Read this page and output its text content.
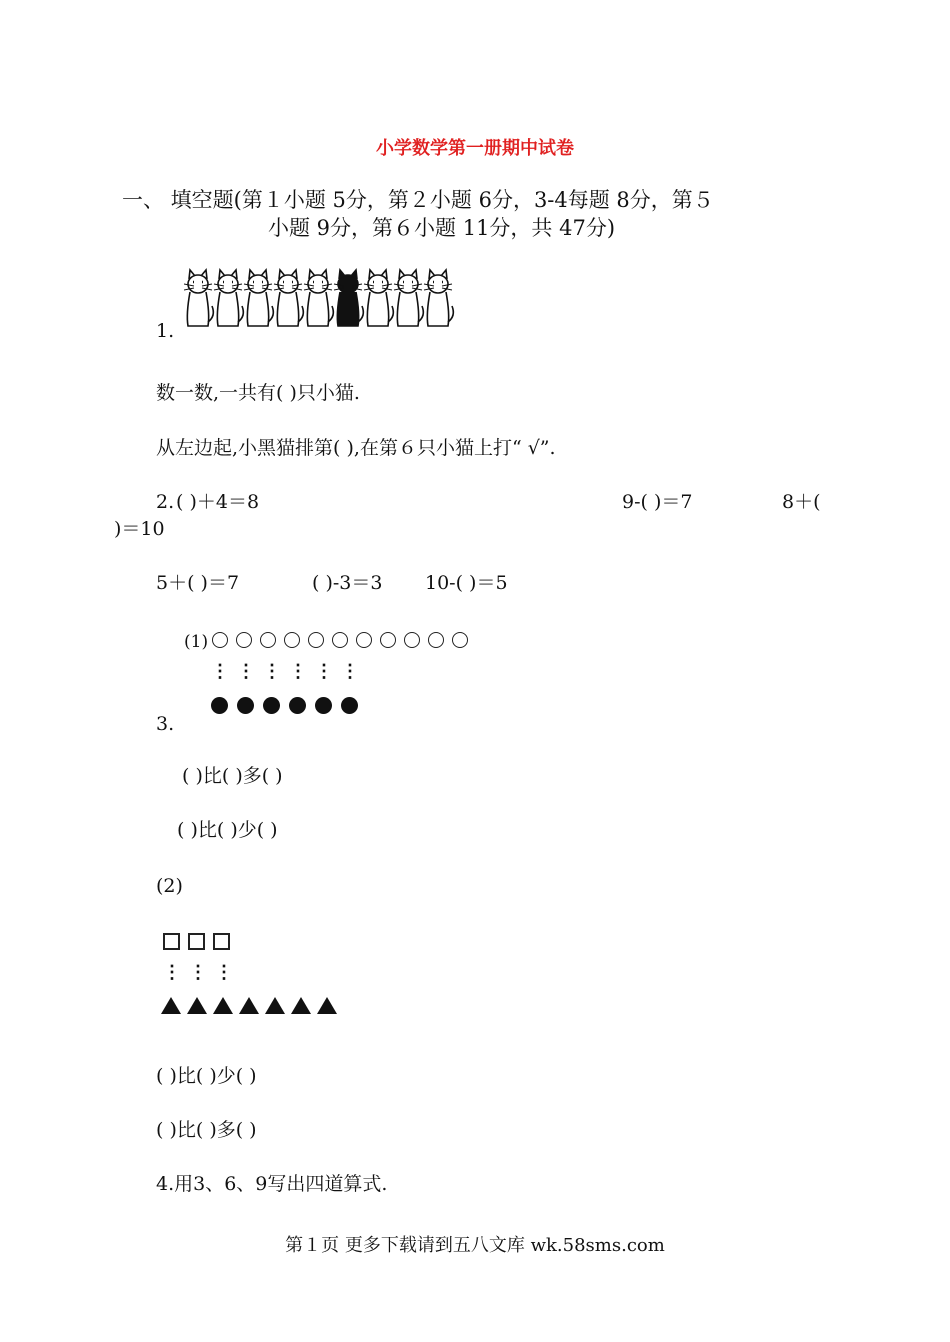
小学数学第一册期中试卷
一、 填空题(第１小题 5分，第２小题 6分，3-4每题 8分，第５
小题 9分，第６小题 11分，共 47分)
1.
数一数,一共有( )只小猫.
从左边起,小黑猫排第( ),在第６只小猫上打“ √”.
2. ( )＋4＝8	9-( )＝7	8＋(
)＝10
5＋( )＝7	( )-3＝3 10-( )＝5
(1)
⋮ ⋮ ⋮ ⋮ ⋮ ⋮
3.
( )比( )多( )
( )比( )少( )
(2)
⋮ ⋮ ⋮
( )比( )少( )
( )比( )多( )
4.用3、6、9写出四道算式.
第１页 更多下载请到五八文库 wk.58sms.com
